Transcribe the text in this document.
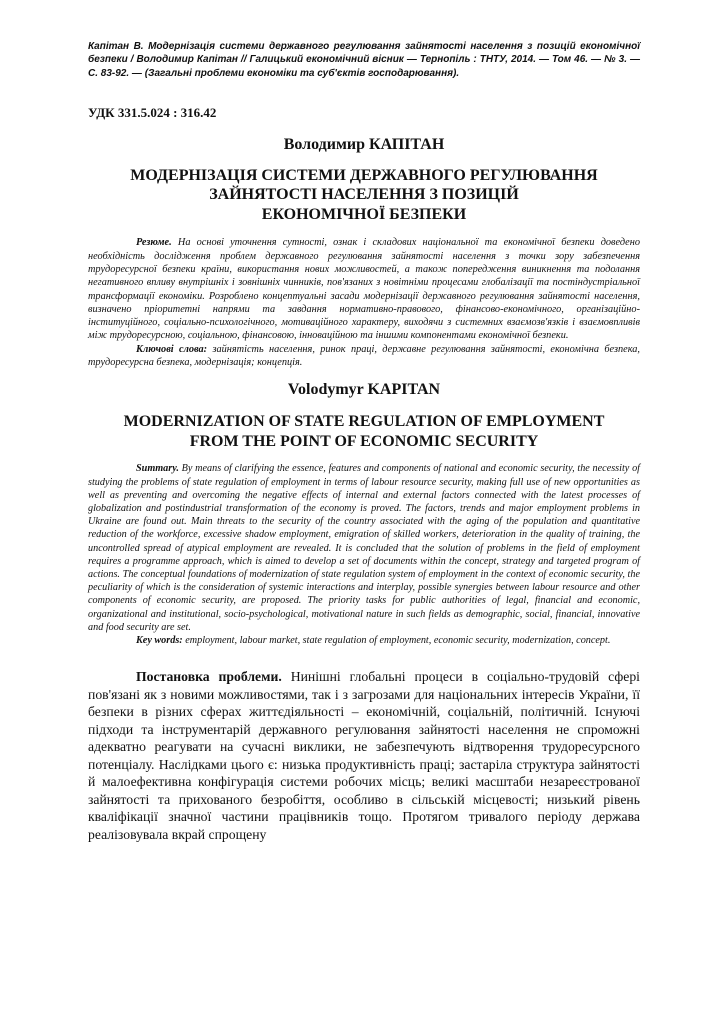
Капітан В. Модернізація системи державного регулювання зайнятості населення з позицій економічної безпеки / Володимир Капітан // Галицький економічний вісник — Тернопіль : ТНТУ, 2014. — Том 46. — № 3. — С. 83-92. — (Загальні проблеми економіки та суб'єктів господарювання).

УДК 331.5.024 : 316.42

Володимир КАПІТАН

МОДЕРНІЗАЦІЯ СИСТЕМИ ДЕРЖАВНОГО РЕГУЛЮВАННЯ
ЗАЙНЯТОСТІ НАСЕЛЕННЯ З ПОЗИЦІЙ
ЕКОНОМІЧНОЇ БЕЗПЕКИ

Резюме. На основі уточнення сутності, ознак і складових національної та економічної безпеки доведено необхідність дослідження проблем державного регулювання зайнятості населення з точки зору забезпечення трудоресурсної безпеки країни, використання нових можливостей, а також попередження виникнення та подолання негативного впливу внутрішніх і зовнішніх чинників, пов'язаних з новітніми процесами глобалізації та постіндустріальної трансформації економіки. Розроблено концептуальні засади модернізації державного регулювання зайнятості населення, визначено пріоритетні напрями та завдання нормативно-правового, фінансово-економічного, організаційно-інституційного, соціально-психологічного, мотиваційного характеру, виходячи з системних взаємозв'язків і взаємовпливів між трудоресурсною, соціальною, фінансовою, інноваційною та іншими компонентами економічної безпеки.

Ключові слова: зайнятість населення, ринок праці, державне регулювання зайнятості, економічна безпека, трудоресурсна безпека, модернізація; концепція.

Volodymyr KAPITAN

MODERNIZATION OF STATE REGULATION OF EMPLOYMENT
FROM THE POINT OF ECONOMIC SECURITY

Summary. By means of clarifying the essence, features and components of national and economic security, the necessity of studying the problems of state regulation of employment in terms of labour resource security, making full use of new opportunities as well as preventing and overcoming the negative effects of internal and external factors connected with the latest processes of globalization and postindustrial transformation of the economy is proved. The factors, trends and major employment problems in Ukraine are found out. Main threats to the security of the country associated with the aging of the population and quantitative reduction of the workforce, excessive shadow employment, emigration of skilled workers, deterioration in the quality of training, the uncontrolled spread of atypical employment are revealed. It is concluded that the solution of problems in the field of employment requires a programme approach, which is aimed to develop a set of documents within the concept, strategy and targeted program of actions. The conceptual foundations of modernization of state regulation system of employment in the context of economic security, the peculiarity of which is the consideration of systemic interactions and interplay, possible synergies between labour resource and other components of economic security, are proposed. The priority tasks for public authorities of legal, financial and economic, organizational and institutional, socio-psychological, motivational nature in such fields as demographic, social, financial, innovative and food security are set.

Key words: employment, labour market, state regulation of employment, economic security, modernization, concept.

Постановка проблеми. Нинішні глобальні процеси в соціально-трудовій сфері пов'язані як з новими можливостями, так і з загрозами для національних інтересів України, її безпеки в різних сферах життєдіяльності – економічній, соціальній, політичній. Існуючі підходи та інструментарій державного регулювання зайнятості населення не спроможні адекватно реагувати на сучасні виклики, не забезпечують відтворення трудоресурсного потенціалу. Наслідками цього є: низька продуктивність праці; застаріла структура зайнятості й малоефективна конфігурація системи робочих місць; великі масштаби незареєстрованої зайнятості та прихованого безробіття, особливо в сільській місцевості; низький рівень кваліфікації значної частини працівників тощо. Протягом тривалого періоду держава реалізовувала вкрай спрощену
